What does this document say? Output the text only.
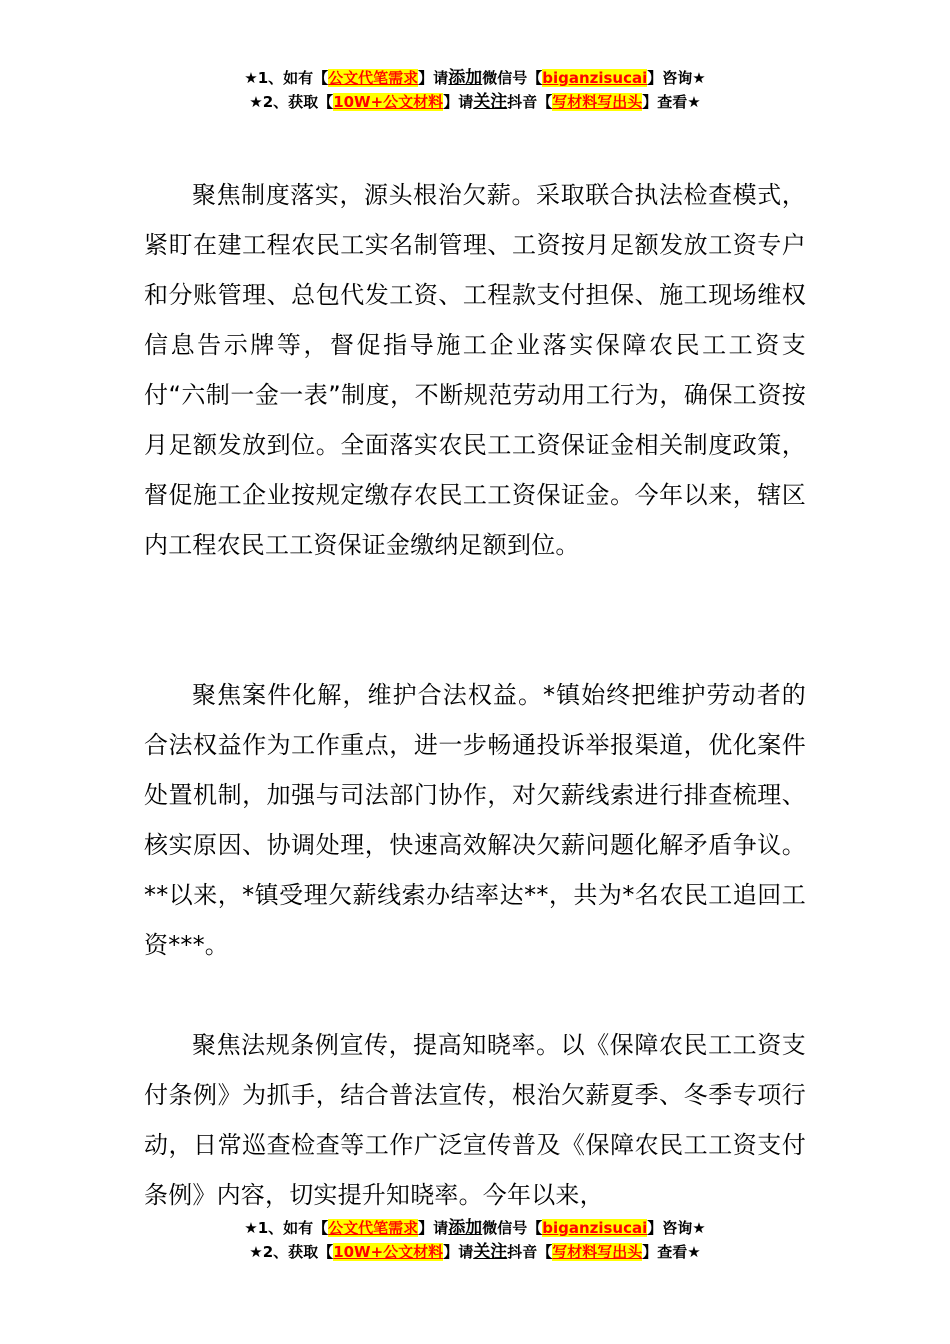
★1、如有【公文代笔需求】请添加微信号【biganzisucai】咨询★
★2、获取【10W+公文材料】请关注抖音【写材料写出头】查看★

聚焦制度落实，源头根治欠薪。采取联合执法检查模式，紧盯在建工程农民工实名制管理、工资按月足额发放工资专户和分账管理、总包代发工资、工程款支付担保、施工现场维权信息告示牌等，督促指导施工企业落实保障农民工工资支付“六制一金一表”制度，不断规范劳动用工行为，确保工资按月足额发放到位。全面落实农民工工资保证金相关制度政策，督促施工企业按规定缴存农民工工资保证金。今年以来，辖区内工程农民工工资保证金缴纳足额到位。

聚焦案件化解，维护合法权益。*镇始终把维护劳动者的合法权益作为工作重点，进一步畅通投诉举报渠道，优化案件处置机制，加强与司法部门协作，对欠薪线索进行排查梳理、核实原因、协调处理，快速高效解决欠薪问题化解矛盾争议。**以来，*镇受理欠薪线索办结率达**，共为*名农民工追回工资***。

聚焦法规条例宣传，提高知晓率。以《保障农民工工资支付条例》为抓手，结合普法宣传，根治欠薪夏季、冬季专项行动，日常巡查检查等工作广泛宣传普及《保障农民工工资支付条例》内容，切实提升知晓率。今年以来，

★1、如有【公文代笔需求】请添加微信号【biganzisucai】咨询★
★2、获取【10W+公文材料】请关注抖音【写材料写出头】查看★
